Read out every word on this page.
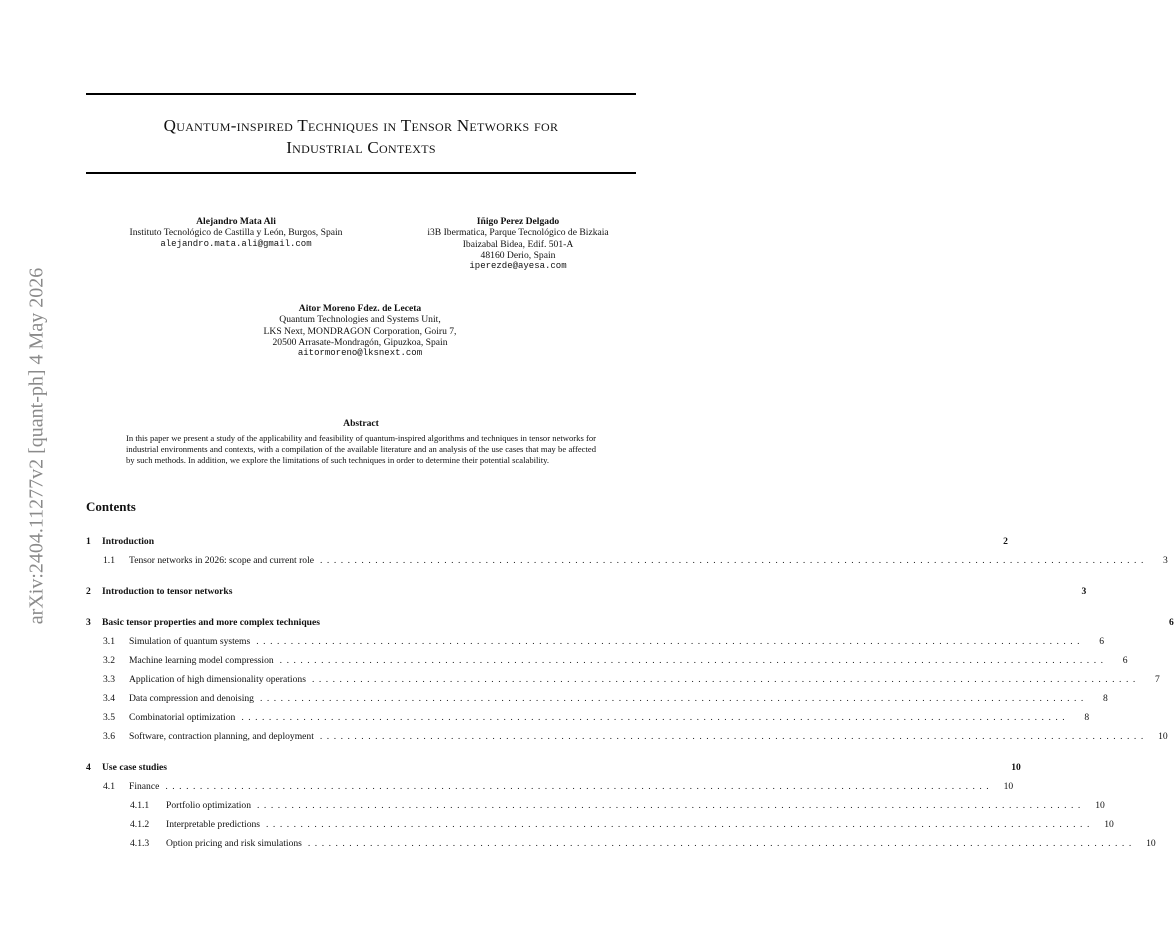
Quantum-inspired Techniques in Tensor Networks for
Industrial Contexts
arXiv:2404.11277v2 [quant-ph] 4 May 2026
Alejandro Mata Ali
Instituto Tecnológico de Castilla y León, Burgos, Spain
alejandro.mata.ali@gmail.com
Iñigo Perez Delgado
i3B Ibermatica, Parque Tecnológico de Bizkaia
Ibaizabal Bidea, Edif. 501-A
48160 Derio, Spain
iperezde@ayesa.com
Aitor Moreno Fdez. de Leceta
Quantum Technologies and Systems Unit,
LKS Next, MONDRAGON Corporation, Goiru 7,
20500 Arrasate-Mondragón, Gipuzkoa, Spain
aitormoreno@lksnext.com
Abstract
In this paper we present a study of the applicability and feasibility of quantum-inspired algorithms and techniques in tensor networks for industrial environments and contexts, with a compilation of the available literature and an analysis of the use cases that may be affected by such methods. In addition, we explore the limitations of such techniques in order to determine their potential scalability.
Contents
1	Introduction	2
1.1	Tensor networks in 2026: scope and current role ........................................................................................................................	3
2	Introduction to tensor networks	3
3	Basic tensor properties and more complex techniques	6
3.1	Simulation of quantum systems ........................................................................................................................	6
3.2	Machine learning model compression ........................................................................................................................	6
3.3	Application of high dimensionality operations ........................................................................................................................	7
3.4	Data compression and denoising ........................................................................................................................	8
3.5	Combinatorial optimization ........................................................................................................................	8
3.6	Software, contraction planning, and deployment ........................................................................................................................	10
4	Use case studies	10
4.1	Finance ........................................................................................................................	10
4.1.1	Portfolio optimization ........................................................................................................................	10
4.1.2	Interpretable predictions ........................................................................................................................	10
4.1.3	Option pricing and risk simulations ........................................................................................................................	10
